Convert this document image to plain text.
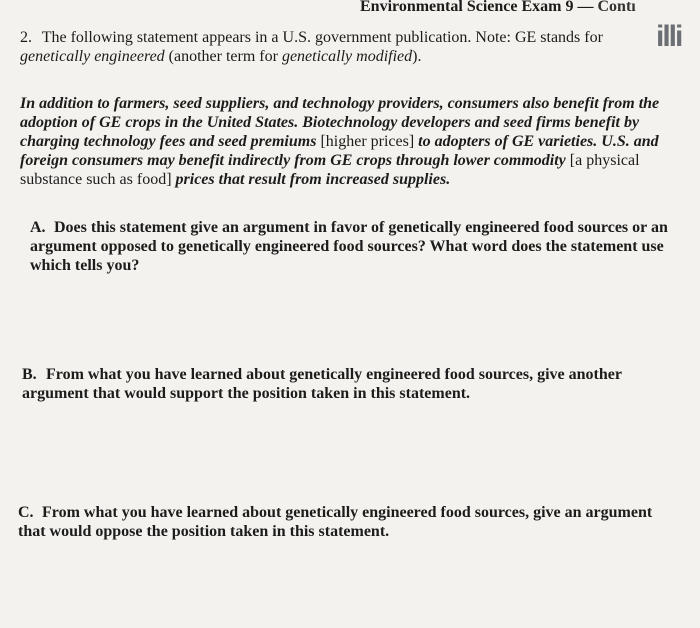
Environmental Science Exam 9 — Contı
illi
2. The following statement appears in a U.S. government publication. Note: GE stands for genetically engineered (another term for genetically modified).
In addition to farmers, seed suppliers, and technology providers, consumers also benefit from the adoption of GE crops in the United States. Biotechnology developers and seed firms benefit by charging technology fees and seed premiums [higher prices] to adopters of GE varieties. U.S. and foreign consumers may benefit indirectly from GE crops through lower commodity [a physical substance such as food] prices that result from increased supplies.
A. Does this statement give an argument in favor of genetically engineered food sources or an argument opposed to genetically engineered food sources? What word does the statement use which tells you?
B. From what you have learned about genetically engineered food sources, give another argument that would support the position taken in this statement.
C. From what you have learned about genetically engineered food sources, give an argument that would oppose the position taken in this statement.
